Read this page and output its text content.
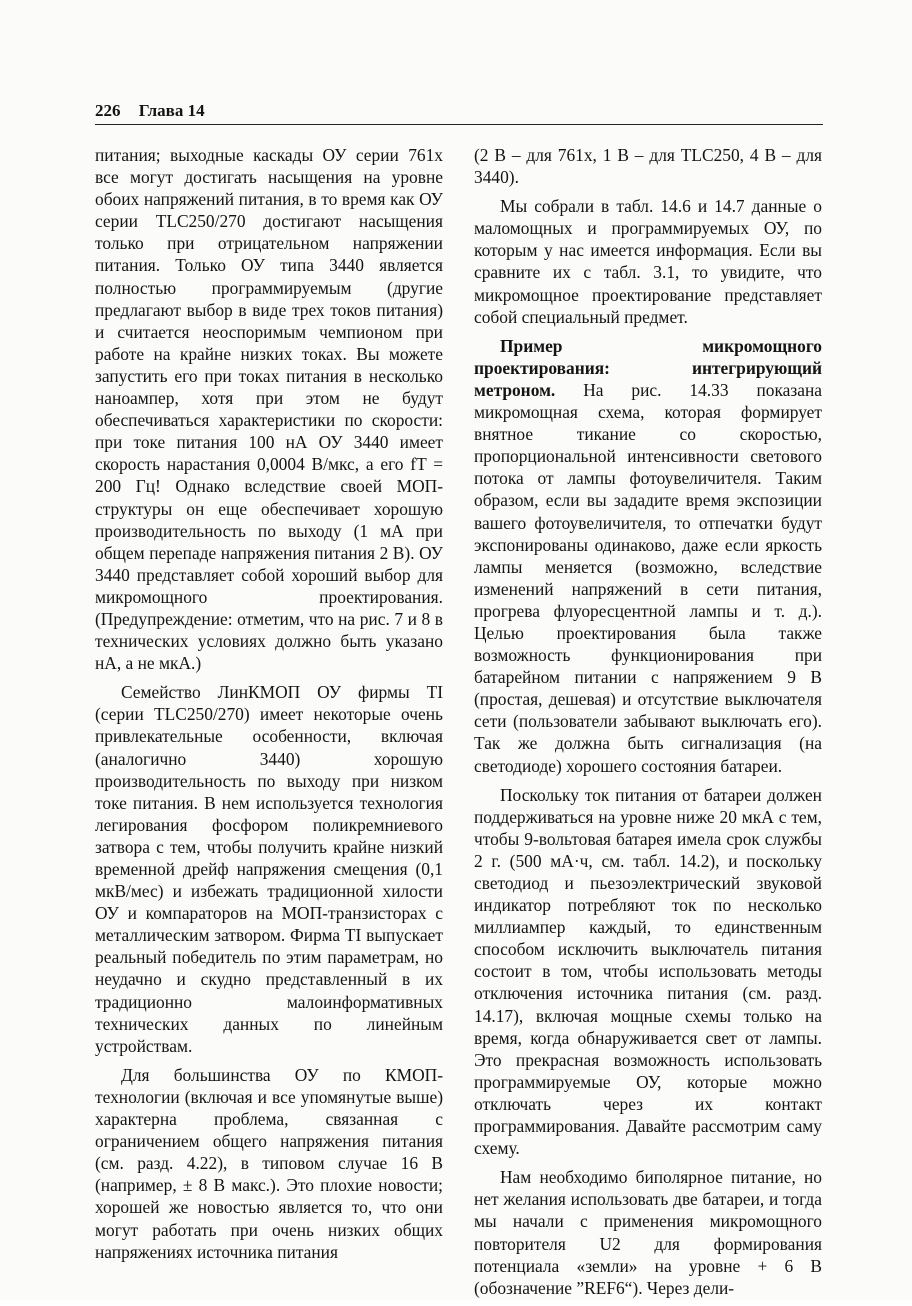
226 Глава 14

питания; выходные каскады ОУ серии 761x все могут достигать насыщения на уровне обоих напряжений питания, в то время как ОУ серии TLC250/270 достигают насыщения только при отрицательном напряжении питания. Только ОУ типа 3440 является полностью программируемым (другие предлагают выбор в виде трех токов питания) и считается неоспоримым чемпионом при работе на крайне низких токах. Вы можете запустить его при токах питания в несколько наноампер, хотя при этом не будут обеспечиваться характеристики по скорости: при токе питания 100 нА ОУ 3440 имеет скорость нарастания 0,0004 В/мкс, а его fT = 200 Гц! Однако вследствие своей МОП-структуры он еще обеспечивает хорошую производительность по выходу (1 мА при общем перепаде напряжения питания 2 В). ОУ 3440 представляет собой хороший выбор для микромощного проектирования. (Предупреждение: отметим, что на рис. 7 и 8 в технических условиях должно быть указано нА, а не мкА.)

Семейство ЛинКМОП ОУ фирмы TI (серии TLC250/270) имеет некоторые очень привлекательные особенности, включая (аналогично 3440) хорошую производительность по выходу при низком токе питания. В нем используется технология легирования фосфором поликремниевого затвора с тем, чтобы получить крайне низкий временной дрейф напряжения смещения (0,1 мкВ/мес) и избежать традиционной хилости ОУ и компараторов на МОП-транзисторах с металлическим затвором. Фирма TI выпускает реальный победитель по этим параметрам, но неудачно и скудно представленный в их традиционно малоинформативных технических данных по линейным устройствам.

Для большинства ОУ по КМОП-технологии (включая и все упомянутые выше) характерна проблема, связанная с ограничением общего напряжения питания (см. разд. 4.22), в типовом случае 16 В (например, ± 8 В макс.). Это плохие новости; хорошей же новостью является то, что они могут работать при очень низких общих напряжениях источника питания

(2 В – для 761x, 1 В – для TLC250, 4 В – для 3440).

Мы собрали в табл. 14.6 и 14.7 данные о маломощных и программируемых ОУ, по которым у нас имеется информация. Если вы сравните их с табл. 3.1, то увидите, что микромощное проектирование представляет собой специальный предмет.

Пример микромощного проектирования: интегрирующий метроном. На рис. 14.33 показана микромощная схема, которая формирует внятное тикание со скоростью, пропорциональной интенсивности светового потока от лампы фотоувеличителя. Таким образом, если вы зададите время экспозиции вашего фотоувеличителя, то отпечатки будут экспонированы одинаково, даже если яркость лампы меняется (возможно, вследствие изменений напряжений в сети питания, прогрева флуоресцентной лампы и т. д.). Целью проектирования была также возможность функционирования при батарейном питании с напряжением 9 В (простая, дешевая) и отсутствие выключателя сети (пользователи забывают выключать его). Так же должна быть сигнализация (на светодиоде) хорошего состояния батареи.

Поскольку ток питания от батареи должен поддерживаться на уровне ниже 20 мкА с тем, чтобы 9-вольтовая батарея имела срок службы 2 г. (500 мА·ч, см. табл. 14.2), и поскольку светодиод и пьезоэлектрический звуковой индикатор потребляют ток по несколько миллиампер каждый, то единственным способом исключить выключатель питания состоит в том, чтобы использовать методы отключения источника питания (см. разд. 14.17), включая мощные схемы только на время, когда обнаруживается свет от лампы. Это прекрасная возможность использовать программируемые ОУ, которые можно отключать через их контакт программирования. Давайте рассмотрим саму схему.

Нам необходимо биполярное питание, но нет желания использовать две батареи, и тогда мы начали с применения микромощного повторителя U2 для формирования потенциала «земли» на уровне + 6 В (обозначение ”REF6“). Через дели-
